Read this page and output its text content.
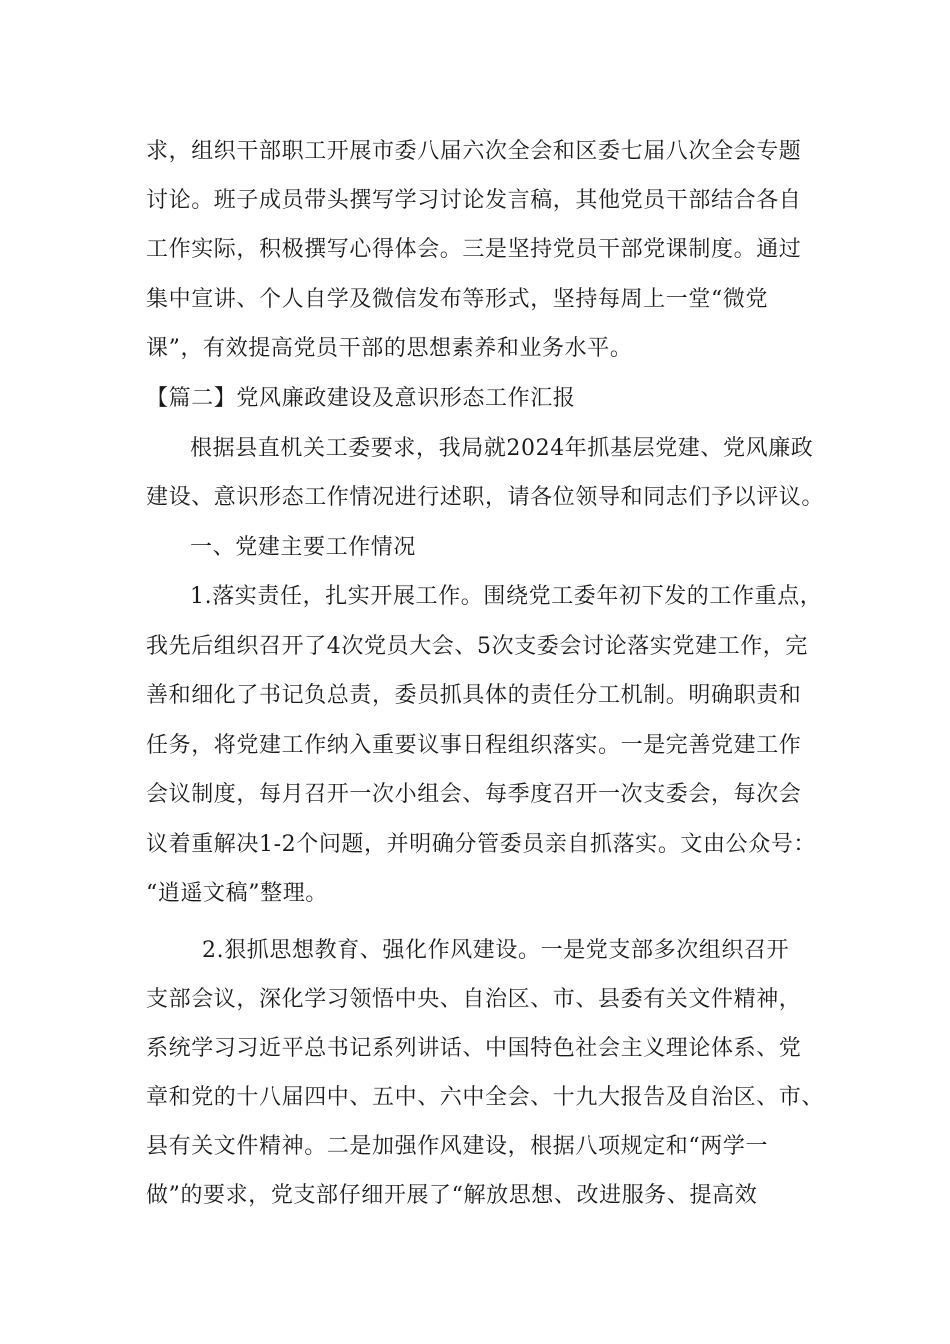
求，组织干部职工开展市委八届六次全会和区委七届八次全会专题
讨论。班子成员带头撰写学习讨论发言稿，其他党员干部结合各自
工作实际，积极撰写心得体会。三是坚持党员干部党课制度。通过
集中宣讲、个人自学及微信发布等形式，坚持每周上一堂“微党
课”，有效提高党员干部的思想素养和业务水平。
【篇二】党风廉政建设及意识形态工作汇报
根据县直机关工委要求，我局就2024年抓基层党建、党风廉政
建设、意识形态工作情况进行述职，请各位领导和同志们予以评议。
一、党建主要工作情况
1.落实责任，扎实开展工作。围绕党工委年初下发的工作重点，
我先后组织召开了4次党员大会、5次支委会讨论落实党建工作，完
善和细化了书记负总责，委员抓具体的责任分工机制。明确职责和
任务，将党建工作纳入重要议事日程组织落实。一是完善党建工作
会议制度，每月召开一次小组会、每季度召开一次支委会，每次会
议着重解决1-2个问题，并明确分管委员亲自抓落实。文由公众号：
“逍遥文稿”整理。
2.狠抓思想教育、强化作风建设。一是党支部多次组织召开
支部会议，深化学习领悟中央、自治区、市、县委有关文件精神，
系统学习习近平总书记系列讲话、中国特色社会主义理论体系、党
章和党的十八届四中、五中、六中全会、十九大报告及自治区、市、
县有关文件精神。二是加强作风建设，根据八项规定和“两学一
做”的要求，党支部仔细开展了“解放思想、改进服务、提高效
